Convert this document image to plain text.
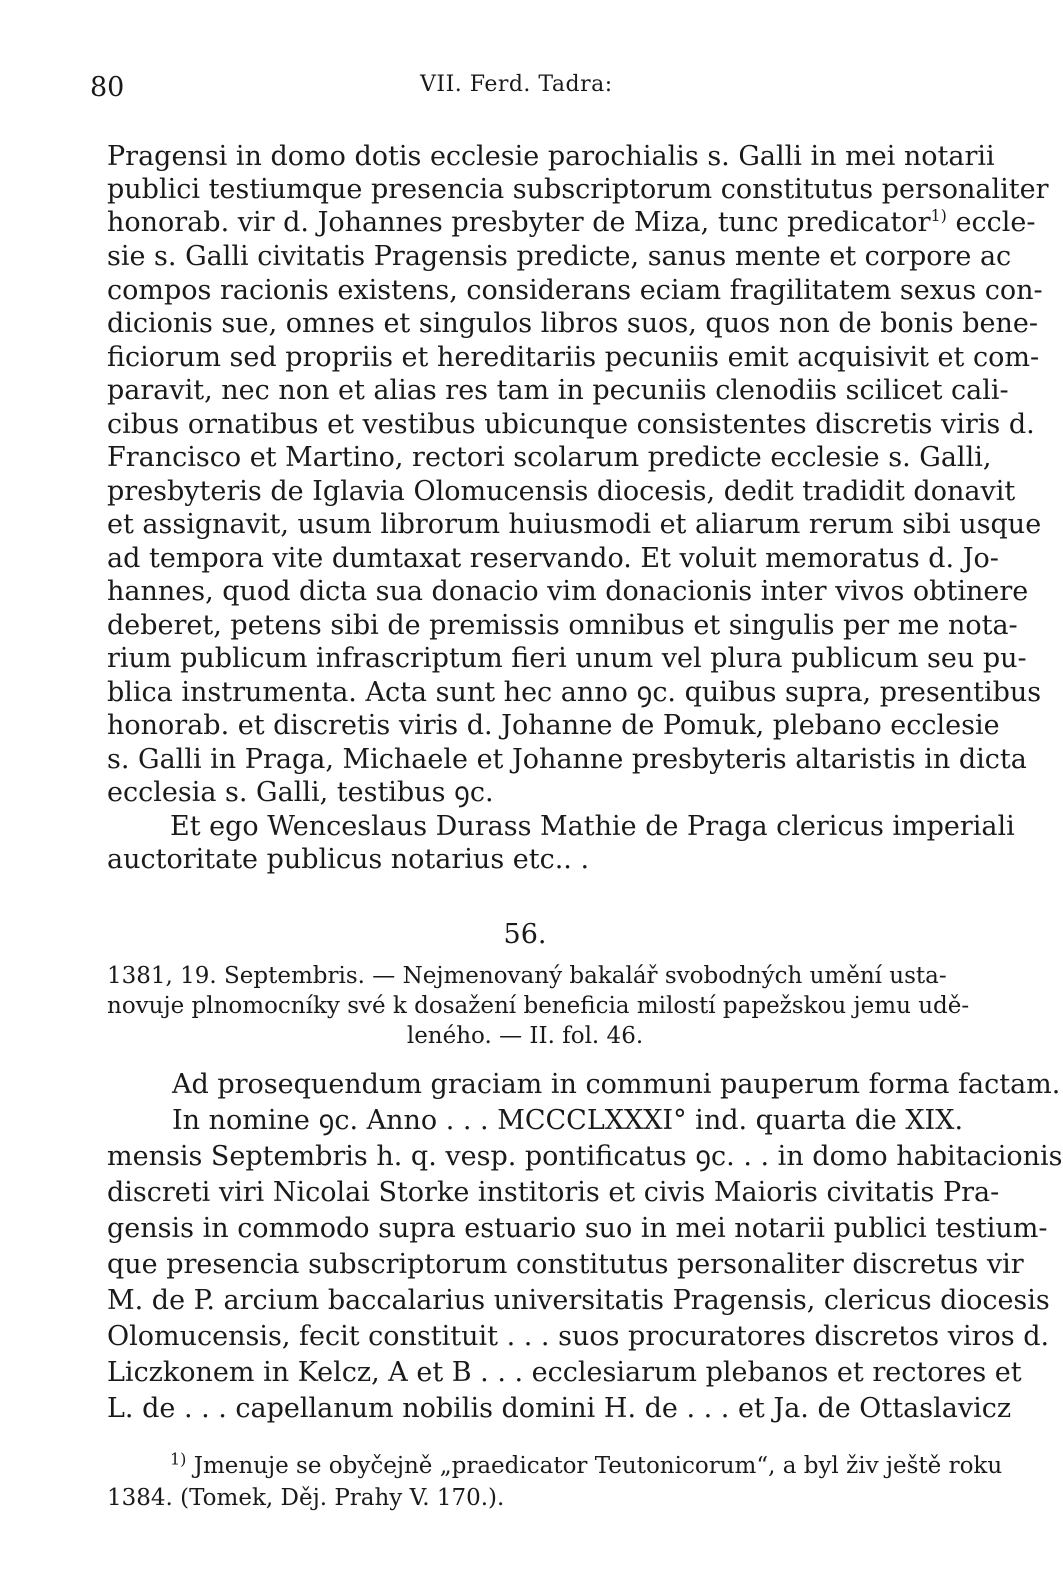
80	VII. Ferd. Tadra:
Pragensi in domo dotis ecclesie parochialis s. Galli in mei notarii
publici testiumque presencia subscriptorum constitutus personaliter
honorab. vir d. Johannes presbyter de Miza, tunc predicator$^{1)}$ eccle-
sie s. Galli civitatis Pragensis predicte, sanus mente et corpore ac
compos racionis existens, considerans eciam fragilitatem sexus con-
dicionis sue, omnes et singulos libros suos, quos non de bonis bene-
ficiorum sed propriis et hereditariis pecuniis emit acquisivit et com-
paravit, nec non et alias res tam in pecuniis clenodiis scilicet cali-
cibus ornatibus et vestibus ubicunque consistentes discretis viris d.
Francisco et Martino, rectori scolarum predicte ecclesie s. Galli,
presbyteris de Iglavia Olomucensis diocesis, dedit tradidit donavit
et assignavit, usum librorum huiusmodi et aliarum rerum sibi usque
ad tempora vite dumtaxat reservando. Et voluit memoratus d. Jo-
hannes, quod dicta sua donacio vim donacionis inter vivos obtinere
deberet, petens sibi de premissis omnibus et singulis per me nota-
rium publicum infrascriptum fieri unum vel plura publicum seu pu-
blica instrumenta. Acta sunt hec anno ꝯc. quibus supra, presentibus
honorab. et discretis viris d. Johanne de Pomuk, plebano ecclesie
s. Galli in Praga, Michaele et Johanne presbyteris altaristis in dicta
ecclesia s. Galli, testibus ꝯc.
Et ego Wenceslaus Durass Mathie de Praga clericus imperiali
auctoritate publicus notarius etc.. .
56.
1381, 19. Septembris. — Nejmenovaný bakalář svobodných umění usta-
novuje plnomocníky své k dosažení beneficia milostí papežskou jemu udě-
leného. — II. fol. 46.
Ad prosequendum graciam in communi pauperum forma factam.
In nomine ꝯc. Anno . . . MCCCLXXXI° ind. quarta die XIX.
mensis Septembris h. q. vesp. pontificatus ꝯc. . . in domo habitacionis
discreti viri Nicolai Storke institoris et civis Maioris civitatis Pra-
gensis in commodo supra estuario suo in mei notarii publici testium-
que presencia subscriptorum constitutus personaliter discretus vir
M. de P. arcium baccalarius universitatis Pragensis, clericus diocesis
Olomucensis, fecit constituit . . . suos procuratores discretos viros d.
Liczkonem in Kelcz, A et B . . . ecclesiarum plebanos et rectores et
L. de . . . capellanum nobilis domini H. de . . . et Ja. de Ottaslavicz
$^{1)}$ Jmenuje se obyčejně „praedicator Teutonicorum“, a byl živ ještě roku
1384. (Tomek, Děj. Prahy V. 170.).
